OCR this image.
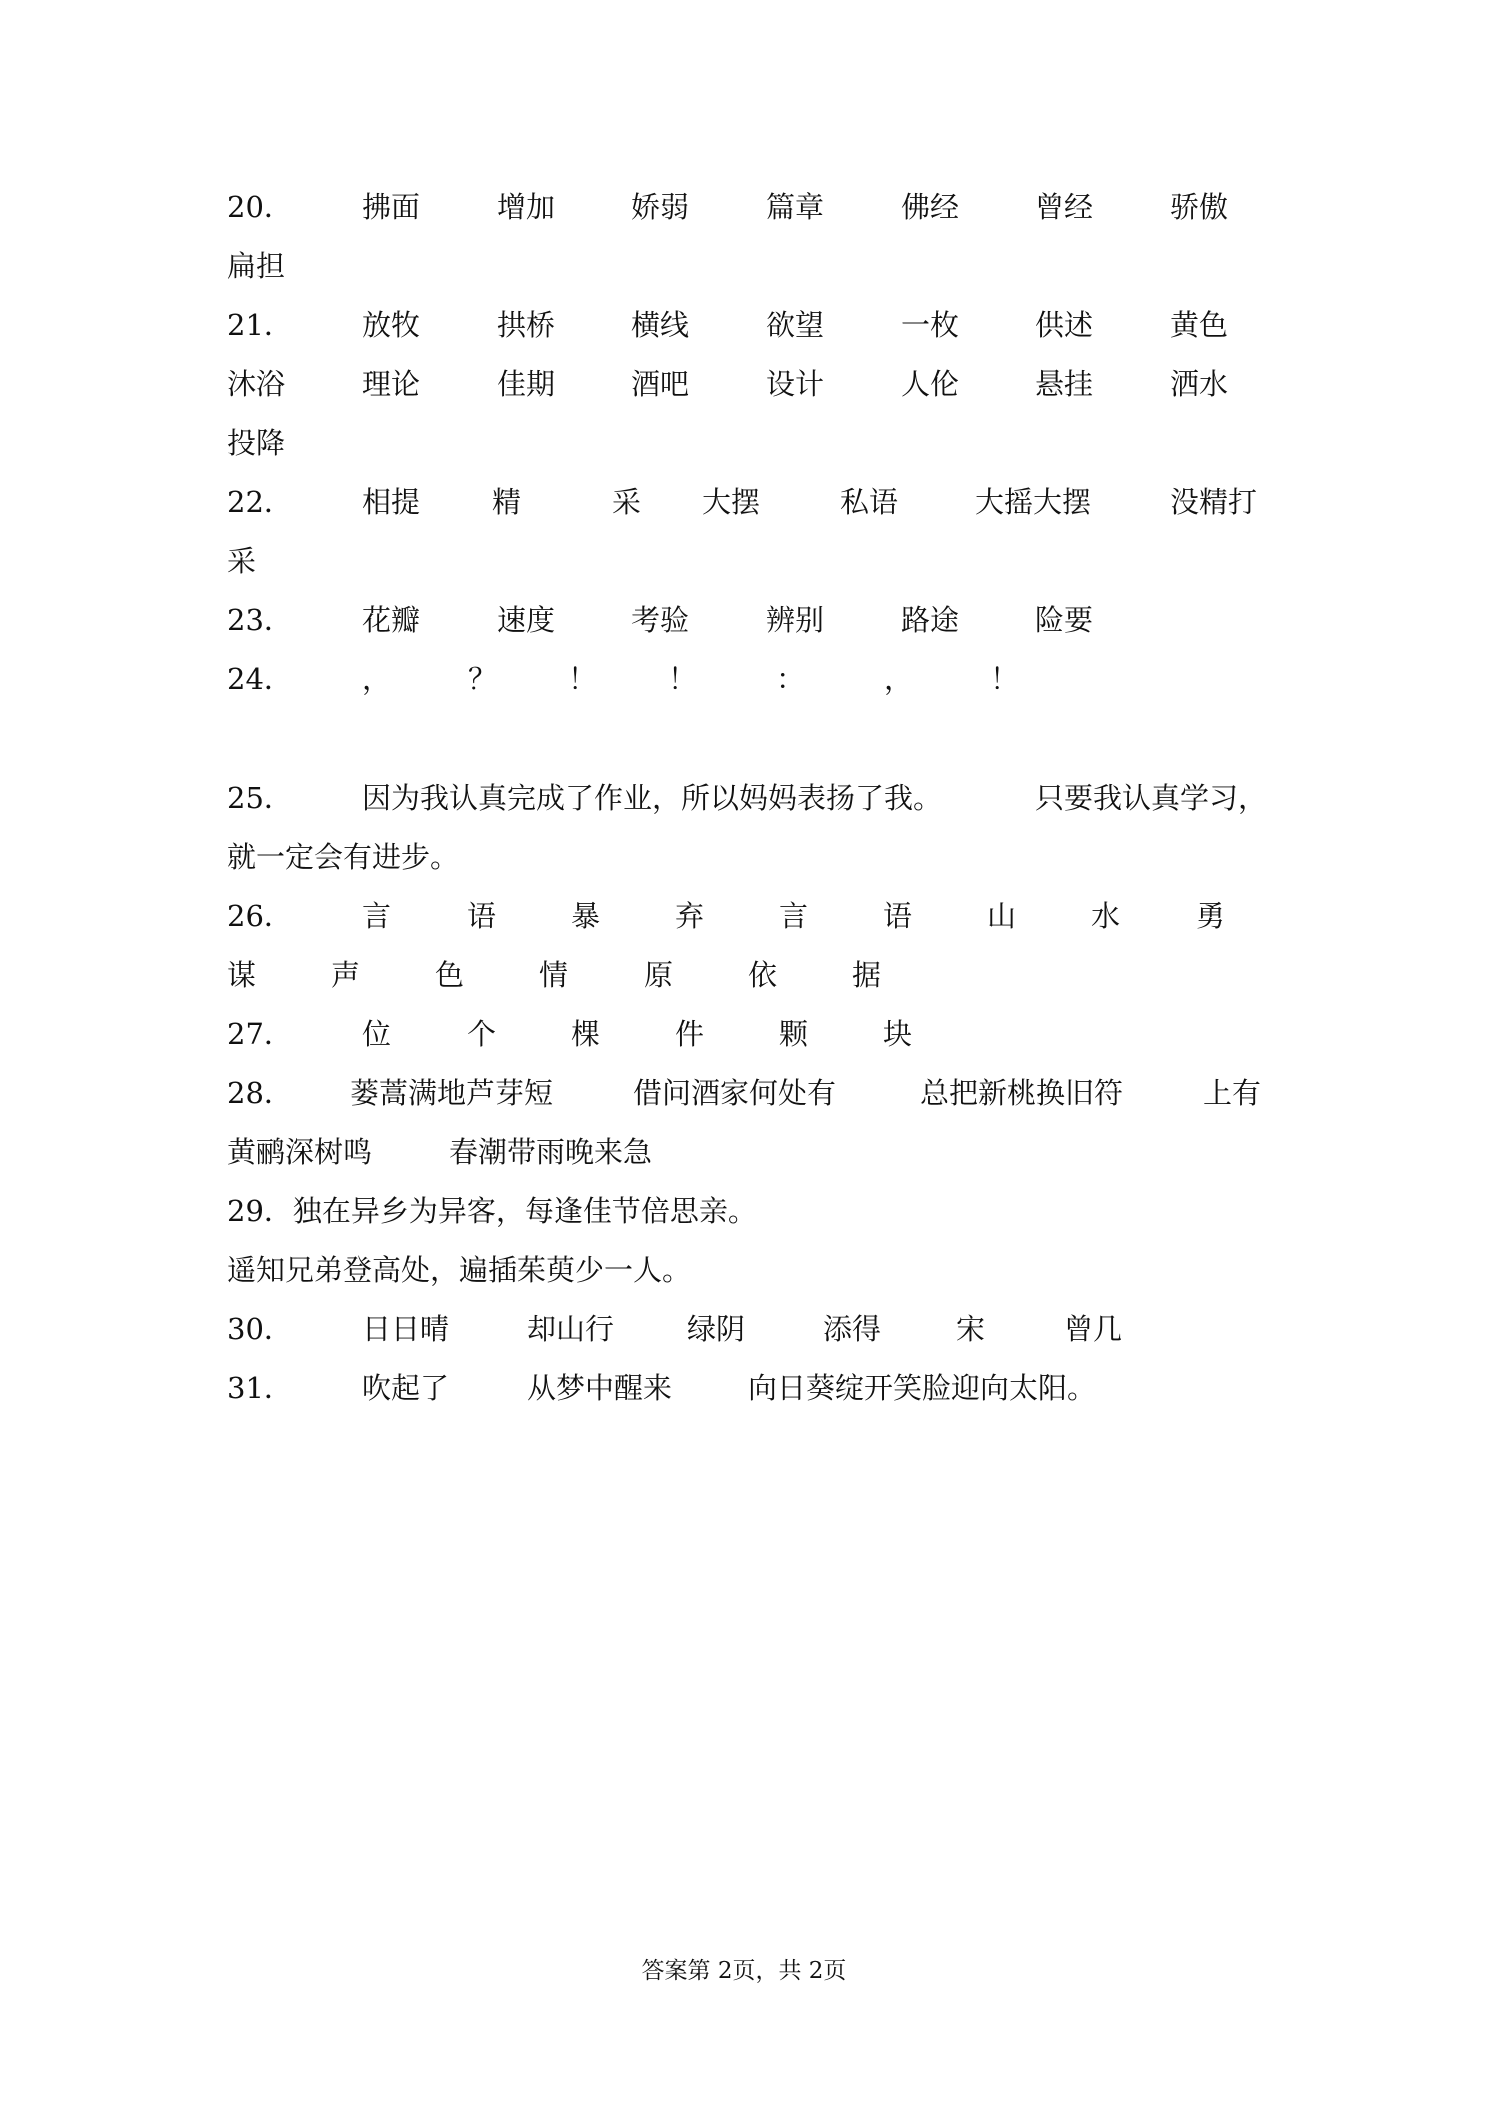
20． 拂面	增加	娇弱	篇章	佛经	曾经	骄傲
扁担
21． 放牧	拱桥	横线	欲望	一枚	供述	黄色
沐浴	理论	佳期	酒吧	设计	人伦	悬挂	洒水
投降
22． 相提 精	采 大摆	私语	大摇大摆	没精打
采
23． 花瓣	速度	考验	辨别	路途	险要
24． ，	？ ！ ！	：	，	！
25． 因为我认真完成了作业，所以妈妈表扬了我。	只要我认真学习，
就一定会有进步。
26． 言	语	暴	弃	言	语	山	水	勇
谋	声	色	情	原	依	据
27． 位	个	棵	件	颗	块
28． 蒌蒿满地芦芽短	借问酒家何处有	总把新桃换旧符	上有
黄鹂深树鸣	春潮带雨晚来急
29．独在异乡为异客，每逢佳节倍思亲。
遥知兄弟登高处，遍插茱萸少一人。
30． 日日晴	却山行	绿阴	添得	宋	曾几
31． 吹起了	从梦中醒来	向日葵绽开笑脸迎向太阳。
答案第 2页，共 2页
